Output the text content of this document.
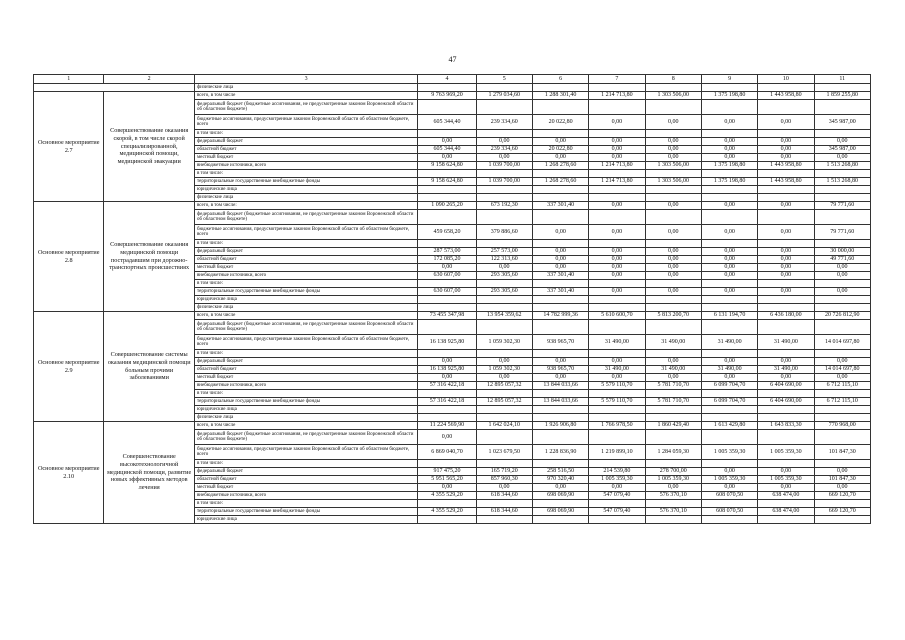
47
1	2	3	4	5	6	7	8	9	10	11
		физические лица								
Основное мероприятие 2.7	Совершенствование оказания скорой, в том числе скорой специализированной, медицинской помощи, медицинской эвакуации	всего, в том числе	9 763 969,20	1 279 034,60	1 288 301,40	1 214 713,80	1 303 506,00	1 375 198,80	1 443 958,80	1 859 255,80
		федеральный бюджет (бюджетные ассигнования, не предусмотренные законом Воронежской области об областном бюджете)								
		бюджетные ассигнования, предусмотренные законом Воронежской области об областном бюджете, всего	605 344,40	239 334,60	20 022,80	0,00	0,00	0,00	0,00	345 987,00
		в том числе:								
		федеральный бюджет	0,00	0,00	0,00	0,00	0,00	0,00	0,00	0,00
		областной бюджет	605 344,40	239 334,60	20 022,80	0,00	0,00	0,00	0,00	345 987,00
		местный бюджет	0,00	0,00	0,00	0,00	0,00	0,00	0,00	0,00
		внебюджетные источники, всего	9 158 624,80	1 039 700,00	1 268 278,60	1 214 713,80	1 303 506,00	1 375 198,80	1 443 958,80	1 513 268,80
		в том числе:								
		территориальные государственные внебюджетные фонды	9 158 624,80	1 039 700,00	1 268 278,60	1 214 713,80	1 303 506,00	1 375 198,80	1 443 958,80	1 513 268,80
		юридические лица								
		физические лица								
Основное мероприятие 2.8	Совершенствование оказания медицинской помощи пострадавшим при дорожно-транспортных происшествиях	всего, в том числе:	1 090 265,20	673 192,30	337 301,40	0,00	0,00	0,00	0,00	79 771,60
		федеральный бюджет (бюджетные ассигнования, не предусмотренные законом Воронежской области об областном бюджете)								
		бюджетные ассигнования, предусмотренные законом Воронежской области об областном бюджете, всего	459 658,20	379 886,60	0,00	0,00	0,00	0,00	0,00	79 771,60
		в том числе:								
		федеральный бюджет	287 573,00	257 573,00	0,00	0,00	0,00	0,00	0,00	30 000,00
		областной бюджет	172 085,20	122 313,60	0,00	0,00	0,00	0,00	0,00	49 771,60
		местный бюджет	0,00	0,00	0,00	0,00	0,00	0,00	0,00	0,00
		внебюджетные источники, всего	630 607,00	293 305,60	337 301,40	0,00	0,00	0,00	0,00	0,00
		в том числе:								
		территориальные государственные внебюджетные фонды	630 607,00	293 305,60	337 301,40	0,00	0,00	0,00	0,00	0,00
		юридические лица								
		физические лица								
Основное мероприятие 2.9	Совершенствование системы оказания медицинской помощи больным прочими заболеваниями	всего, в том числе	73 455 347,98	13 954 359,62	14 782 999,36	5 610 600,70	5 813 200,70	6 131 194,70	6 436 180,00	20 726 812,90
		федеральный бюджет (бюджетные ассигнования, не предусмотренные законом Воронежской области об областном бюджете)								
		бюджетные ассигнования, предусмотренные законом Воронежской области об областном бюджете, всего	16 138 925,80	1 059 302,30	938 965,70	31 490,00	31 490,00	31 490,00	31 490,00	14 014 697,80
		в том числе:								
		федеральный бюджет	0,00	0,00	0,00	0,00	0,00	0,00	0,00	0,00
		областной бюджет	16 138 925,80	1 059 302,30	938 965,70	31 490,00	31 490,00	31 490,00	31 490,00	14 014 697,80
		местный бюджет	0,00	0,00	0,00	0,00	0,00	0,00	0,00	0,00
		внебюджетные источники, всего	57 316 422,18	12 895 057,32	13 844 033,66	5 579 110,70	5 781 710,70	6 099 704,70	6 404 690,00	6 712 115,10
		в том числе:								
		территориальные государственные внебюджетные фонды	57 316 422,18	12 895 057,32	13 844 033,66	5 579 110,70	5 781 710,70	6 099 704,70	6 404 690,00	6 712 115,10
		юридические лица								
		физические лица								
Основное мероприятие 2.10	Совершенствование высокотехнологичной медицинской помощи, развитие новых эффективных методов лечения	всего, в том числе	11 224 569,90	1 642 024,10	1 926 906,80	1 766 978,50	1 860 429,40	1 613 429,80	1 643 833,30	770 968,00
		федеральный бюджет (бюджетные ассигнования, не предусмотренные законом Воронежской области об областном бюджете)	0,00							
		бюджетные ассигнования, предусмотренные законом Воронежской области об областном бюджете, всего	6 869 040,70	1 023 679,50	1 228 836,90	1 219 899,10	1 284 059,30	1 005 359,30	1 005 359,30	101 847,30
		в том числе:								
		федеральный бюджет	917 475,20	165 719,20	258 516,50	214 539,80	278 700,00	0,00	0,00	0,00
		областной бюджет	5 951 565,20	857 960,30	970 320,40	1 005 359,30	1 005 359,30	1 005 359,30	1 005 359,30	101 847,30
		местный бюджет	0,00	0,00	0,00	0,00	0,00	0,00	0,00	0,00
		внебюджетные источники, всего	4 355 529,20	618 344,60	698 069,90	547 079,40	576 370,10	608 070,50	638 474,00	669 120,70
		в том числе:								
		территориальные государственные внебюджетные фонды	4 355 529,20	618 344,60	698 069,90	547 079,40	576 370,10	608 070,50	638 474,00	669 120,70
		юридические лица								
